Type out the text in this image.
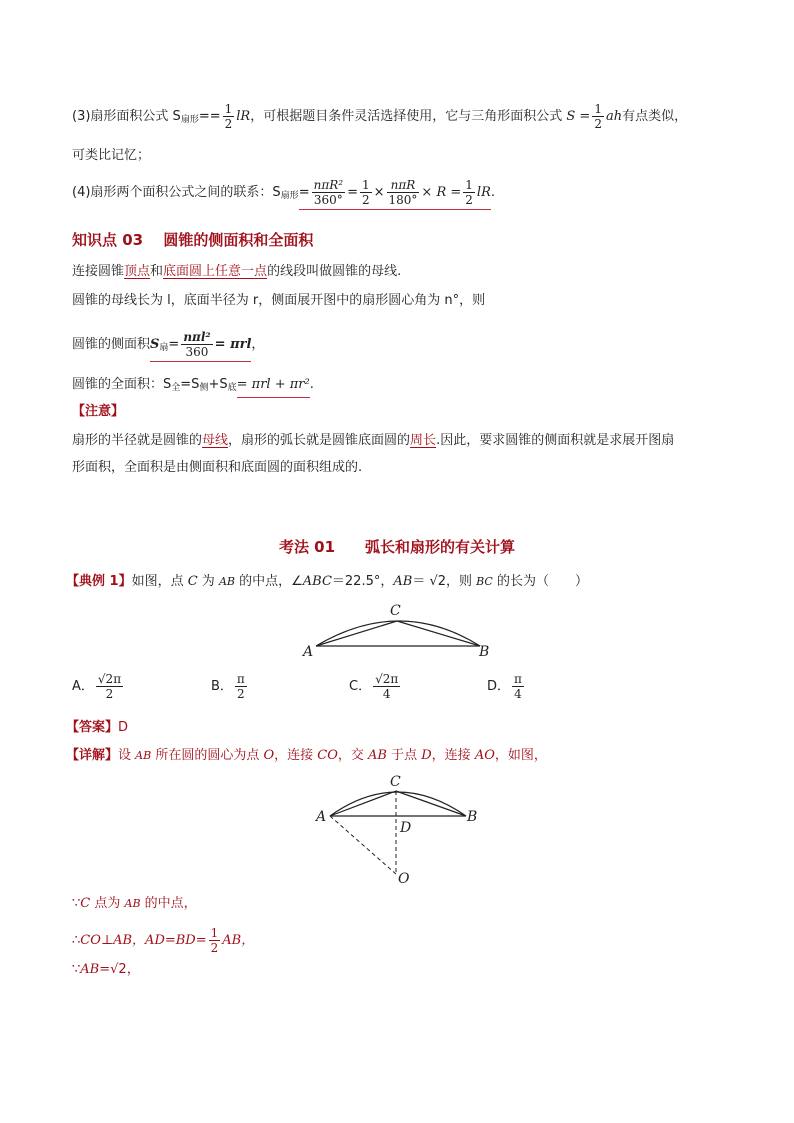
(3)扇形面积公式 $S_{扇形}== \frac{1}{2}$ lR，可根据题目条件灵活选择使用，它与三角形面积公式 $S = \frac{1}{2}$ ah有点类似，
可类比记忆；
(4)扇形两个面积公式之间的联系：$S_{扇形}= \frac{\text{nπR²}}{360^\circ} = \frac{1}{2} \times \frac{\text{nπR}}{180^\circ} \times R = \frac{1}{2}$ lR.
知识点 03　 圆锥的侧面积和全面积
连接圆锥顶点和底面圆上任意一点的线段叫做圆锥的母线.
圆锥的母线长为 l，底面半径为 r，侧面展开图中的扇形圆心角为 n°，则
圆锥的侧面积$S_扇= \frac{\text{nπl²}}{360} = \pi rl$，
圆锥的全面积：$S_全=S_侧+S_底= \pi rl + \pi r^2$.
【注意】
扇形的半径就是圆锥的母线，扇形的弧长就是圆锥底面圆的周长.因此，要求圆锥的侧面积就是求展开图扇
形面积，全面积是由侧面积和底面圆的面积组成的.
考法 01　　弧长和扇形的有关计算
【典例 1】如图，点 C 为 AB 的中点，∠ABC＝22.5°，AB＝ √2，则 BC 的长为（　　）
C
A	B
A． $\frac{√2\pi}{2}$	B． $\frac{\pi}{2}$	C． $\frac{√2\pi}{4}$	D． $\frac{\pi}{4}$
【答案】D
【详解】设 AB 所在圆的圆心为点 O，连接 CO，交 AB 于点 D，连接 AO，如图，
C
A	B
D
O
∵C 点为 AB 的中点，
∴CO⊥AB，$AD=BD= \frac{1}{2}$ AB，
∵AB=√2，
